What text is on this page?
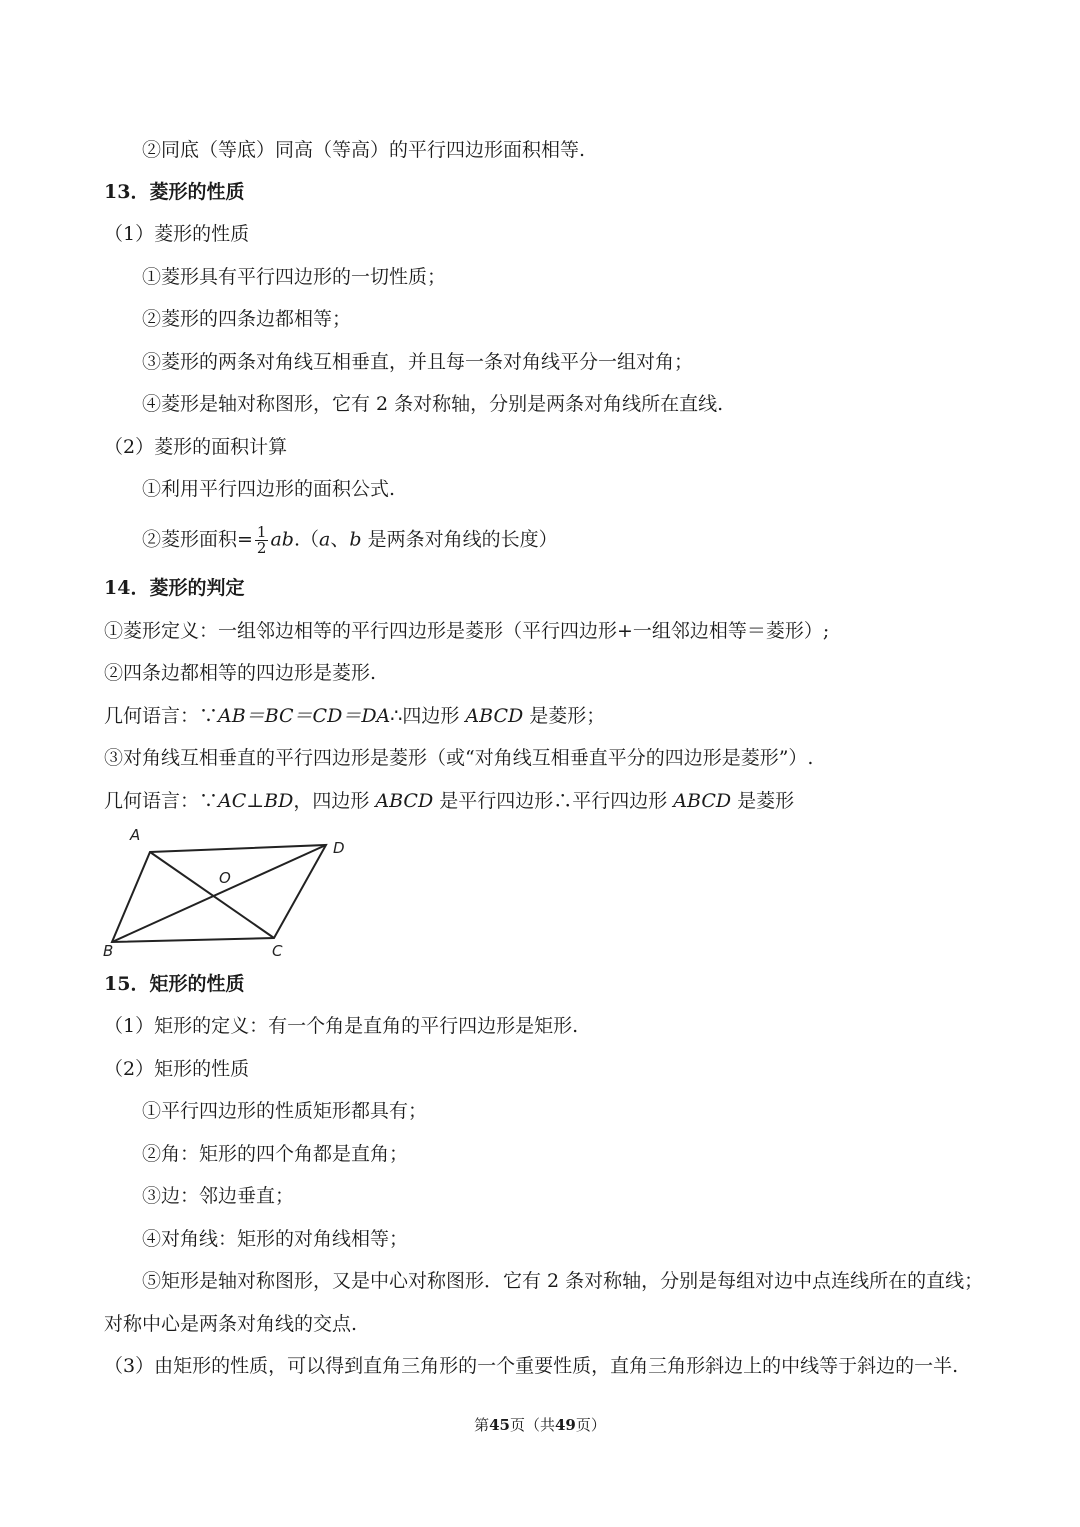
②同底（等底）同高（等高）的平行四边形面积相等.
13．菱形的性质
（1）菱形的性质
①菱形具有平行四边形的一切性质；
②菱形的四条边都相等；
③菱形的两条对角线互相垂直，并且每一条对角线平分一组对角；
④菱形是轴对称图形，它有 2 条对称轴，分别是两条对角线所在直线.
（2）菱形的面积计算
①利用平行四边形的面积公式.
②菱形面积= $\frac{1}{2} ab.(a$、b 是两条对角线的长度）
14．菱形的判定
①菱形定义：一组邻边相等的平行四边形是菱形（平行四边形+一组邻边相等＝菱形）;
②四条边都相等的四边形是菱形.
几何语言：∵AB＝BC＝CD＝DA∴四边形 ABCD 是菱形；
③对角线互相垂直的平行四边形是菱形（或“对角线互相垂直平分的四边形是菱形”）.
几何语言：∵AC⊥BD，四边形 ABCD 是平行四边形∴平行四边形 ABCD 是菱形
A
D
O
B	C
15．矩形的性质
（1）矩形的定义：有一个角是直角的平行四边形是矩形.
（2）矩形的性质
①平行四边形的性质矩形都具有；
②角：矩形的四个角都是直角；
③边：邻边垂直；
④对角线：矩形的对角线相等；
⑤矩形是轴对称图形，又是中心对称图形．它有 2 条对称轴，分别是每组对边中点连线所在的直线；
对称中心是两条对角线的交点.
（3）由矩形的性质，可以得到直角三角形的一个重要性质，直角三角形斜边上的中线等于斜边的一半.
第45页（共49页）
